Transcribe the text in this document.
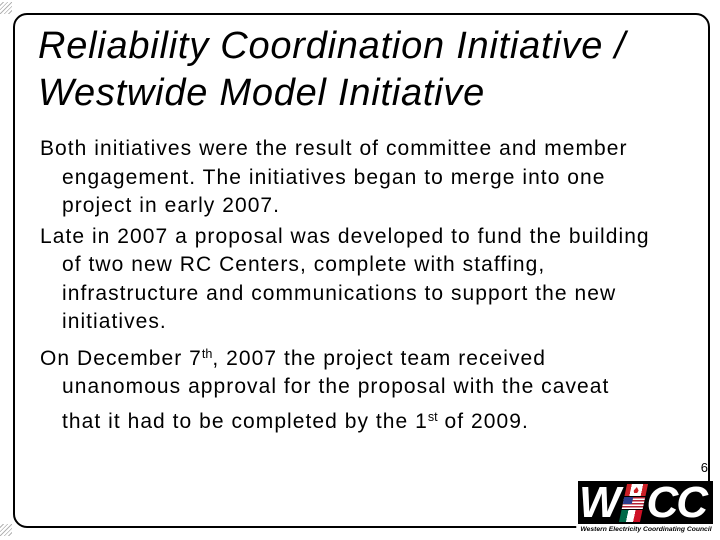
Reliability Coordination Initiative /
Westwide Model Initiative
Both initiatives were the result of committee and member
engagement. The initiatives began to merge into one
project in early 2007.
Late in 2007 a proposal was developed to fund the building
of two new RC Centers, complete with staffing,
infrastructure and communications to support the new
initiatives.
On December 7th, 2007 the project team received
unanomous approval for the proposal with the caveat
that it had to be completed by the 1st of 2009.
6
W CC
Western Electricity Coordinating Council
